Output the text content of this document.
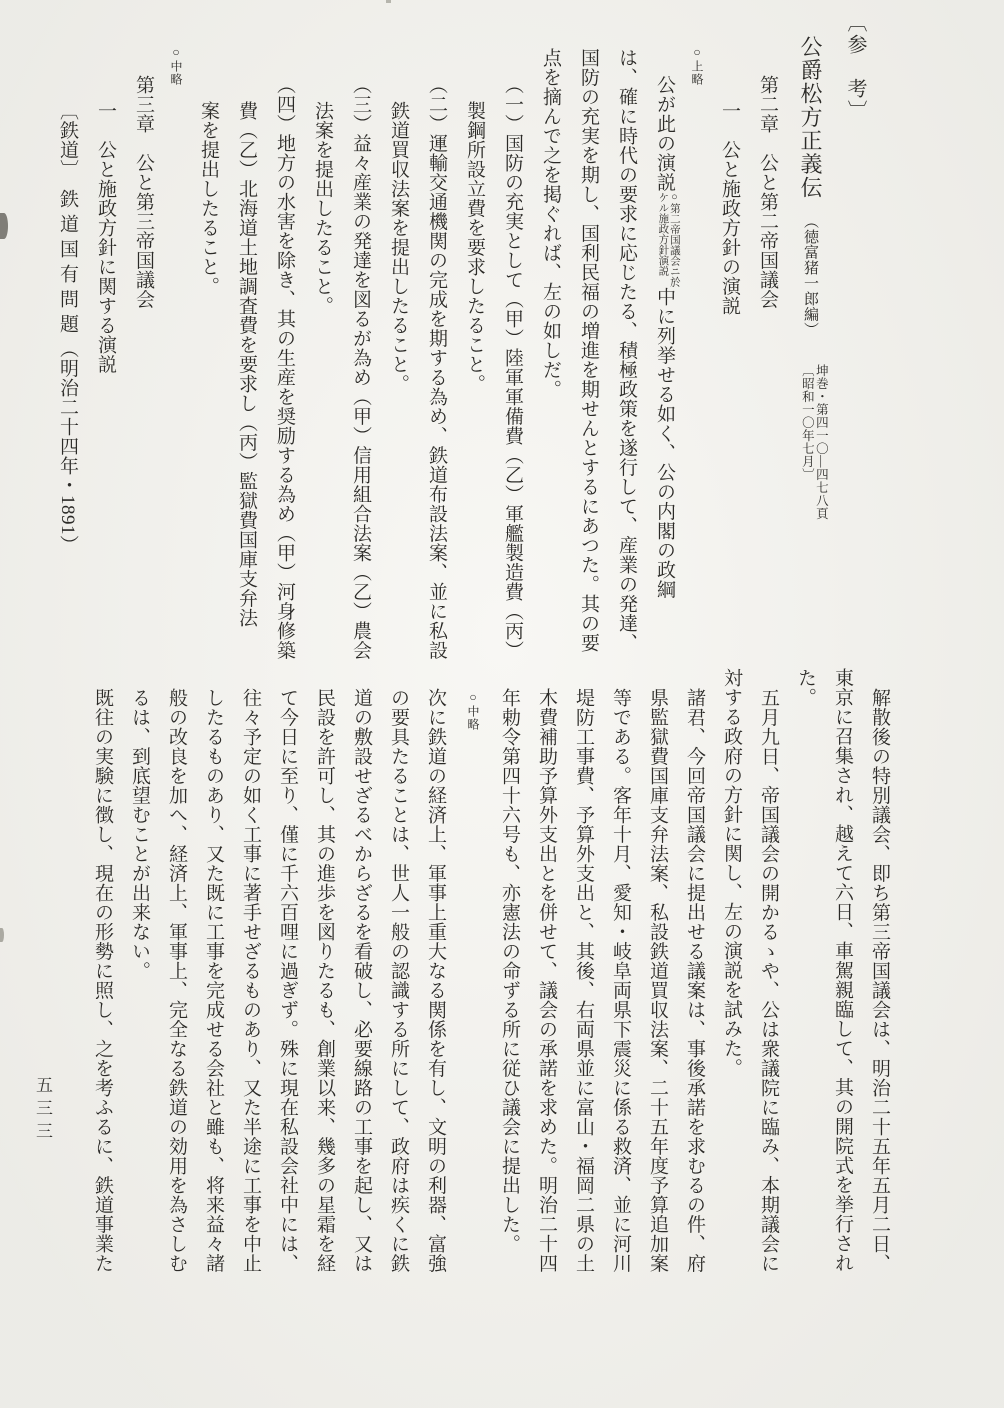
〔参　考〕

公爵松方正義伝（徳富猪一郎編）
坤巻・第四一〇—四七八頁
〔昭和一〇年七月〕

第二章　公と第二帝国議会

一　公と施政方針の演説

○上略

公が此の演説
○第二帝国議会ニ於
ケル施政方針演説
中に列挙せる如く、公の内閣の政綱

は、確に時代の要求に応じたる、積極政策を遂行して、産業の発達、

国防の充実を期し、国利民福の増進を期せんとするにあつた。其の要

点を摘んで之を掲ぐれば、左の如しだ。

（一）国防の充実として（甲）陸軍軍備費（乙）軍艦製造費（丙）

製鋼所設立費を要求したること。

（二）運輸交通機関の完成を期する為め、鉄道布設法案、並に私設

鉄道買収法案を提出したること。

（三）益々産業の発達を図るが為め（甲）信用組合法案（乙）農会

法案を提出したること。

（四）地方の水害を除き、其の生産を奨励する為め（甲）河身修築

費（乙）北海道土地調査費を要求し（丙）監獄費国庫支弁法

案を提出したること。

○中略

第三章　公と第三帝国議会

一　公と施政方針に関する演説

〔鉄道〕鉄道国有問題（明治二十四年・1891）

解散後の特別議会、即ち第三帝国議会は、明治二十五年五月二日、

東京に召集され、越えて六日、車駕親臨して、其の開院式を挙行され

た。

五月九日、帝国議会の開かるゝや、公は衆議院に臨み、本期議会に

対する政府の方針に関し、左の演説を試みた。

諸君、今回帝国議会に提出せる議案は、事後承諾を求むるの件、府

県監獄費国庫支弁法案、私設鉄道買収法案、二十五年度予算追加案

等である。客年十月、愛知・岐阜両県下震災に係る救済、並に河川

堤防工事費、予算外支出と、其後、右両県並に富山・福岡二県の土

木費補助予算外支出とを併せて、議会の承諾を求めた。明治二十四

年勅令第四十六号も、亦憲法の命ずる所に従ひ議会に提出した。

○中略

次に鉄道の経済上、軍事上重大なる関係を有し、文明の利器、富強

の要具たることは、世人一般の認識する所にして、政府は疾くに鉄

道の敷設せざるべからざるを看破し、必要線路の工事を起し、又は

民設を許可し、其の進歩を図りたるも、創業以来、幾多の星霜を経

て今日に至り、僅に千六百哩に過ぎず。殊に現在私設会社中には、

往々予定の如く工事に著手せざるものあり、又た半途に工事を中止

したるものあり、又た既に工事を完成せる会社と雖も、将来益々諸

般の改良を加へ、経済上、軍事上、完全なる鉄道の効用を為さしむ

るは、到底望むことが出来ない。

既往の実験に徴し、現在の形勢に照し、之を考ふるに、鉄道事業た

五三三
